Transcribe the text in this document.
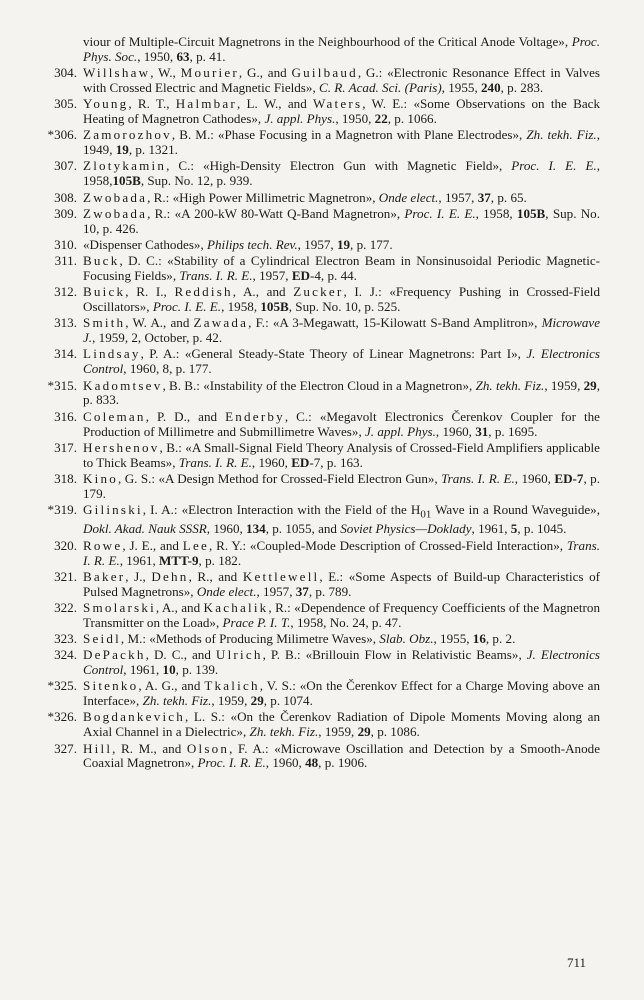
viour of Multiple-Circuit Magnetrons in the Neighbourhood of the Critical Anode Voltage», Proc. Phys. Soc., 1950, 63, p. 41.
304. Willshaw, W., Mourier, G., and Guilbaud, G.: «Electronic Resonance Effect in Valves with Crossed Electric and Magnetic Fields», C. R. Acad. Sci. (Paris), 1955, 240, p. 283.
305. Young, R. T., Halmbar, L. W., and Waters, W. E.: «Some Observations on the Back Heating of Magnetron Cathodes», J. appl. Phys., 1950, 22, p. 1066.
*306. Zamorozhov, B. M.: «Phase Focusing in a Magnetron with Plane Electrodes», Zh. tekh. Fiz., 1949, 19, p. 1321.
307. Zlotykamin, C.: «High-Density Electron Gun with Magnetic Field», Proc. I. E. E., 1958,105B, Sup. No. 12, p. 939.
308. Zwobada, R.: «High Power Millimetric Magnetron», Onde elect., 1957, 37, p. 65.
309. Zwobada, R.: «A 200-kW 80-Watt Q-Band Magnetron», Proc. I. E. E., 1958, 105B, Sup. No. 10, p. 426.
310. «Dispenser Cathodes», Philips tech. Rev., 1957, 19, p. 177.
311. Buck, D. C.: «Stability of a Cylindrical Electron Beam in Nonsinusoidal Periodic Magnetic-Focusing Fields», Trans. I. R. E., 1957, ED-4, p. 44.
312. Buick, R. I., Reddish, A., and Zucker, I. J.: «Frequency Pushing in Crossed-Field Oscillators», Proc. I. E. E., 1958, 105B, Sup. No. 10, p. 525.
313. Smith, W. A., and Zawada, F.: «A 3-Megawatt, 15-Kilowatt S-Band Amplitron», Microwave J., 1959, 2, October, p. 42.
314. Lindsay, P. A.: «General Steady-State Theory of Linear Magnetrons: Part I», J. Electronics Control, 1960, 8, p. 177.
*315. Kadomtsev, B. B.: «Instability of the Electron Cloud in a Magnetron», Zh. tekh. Fiz., 1959, 29, p. 833.
316. Coleman, P. D., and Enderby, C.: «Megavolt Electronics Čerenkov Coupler for the Production of Millimetre and Submillimetre Waves», J. appl. Phys., 1960, 31, p. 1695.
317. Hershenov, B.: «A Small-Signal Field Theory Analysis of Crossed-Field Amplifiers applicable to Thick Beams», Trans. I. R. E., 1960, ED-7, p. 163.
318. Kino, G. S.: «A Design Method for Crossed-Field Electron Gun», Trans. I. R. E., 1960, ED-7, p. 179.
*319. Gilinski, I. A.: «Electron Interaction with the Field of the $H_{01}$ Wave in a Round Waveguide», Dokl. Akad. Nauk SSSR, 1960, 134, p. 1055, and Soviet Physics—Doklady, 1961, 5, p. 1045.
320. Rowe, J. E., and Lee, R. Y.: «Coupled-Mode Description of Crossed-Field Interaction», Trans. I. R. E., 1961, MTT-9, p. 182.
321. Baker, J., Dehn, R., and Kettlewell, E.: «Some Aspects of Build-up Characteristics of Pulsed Magnetrons», Onde elect., 1957, 37, p. 789.
322. Smolarski, A., and Kachalik, R.: «Dependence of Frequency Coefficients of the Magnetron Transmitter on the Load», Prace P. I. T., 1958, No. 24, p. 47.
323. Seidl, M.: «Methods of Producing Milimetre Waves», Slab. Obz., 1955, 16, p. 2.
324. DePackh, D. C., and Ulrich, P. B.: «Brillouin Flow in Relativistic Beams», J. Electronics Control, 1961, 10, p. 139.
*325. Sitenko, A. G., and Tkalich, V. S.: «On the Čerenkov Effect for a Charge Moving above an Interface», Zh. tekh. Fiz., 1959, 29, p. 1074.
*326. Bogdankevich, L. S.: «On the Čerenkov Radiation of Dipole Moments Moving along an Axial Channel in a Dielectric», Zh. tekh. Fiz., 1959, 29, p. 1086.
327. Hill, R. M., and Olson, F. A.: «Microwave Oscillation and Detection by a Smooth-Anode Coaxial Magnetron», Proc. I. R. E., 1960, 48, p. 1906.
711
